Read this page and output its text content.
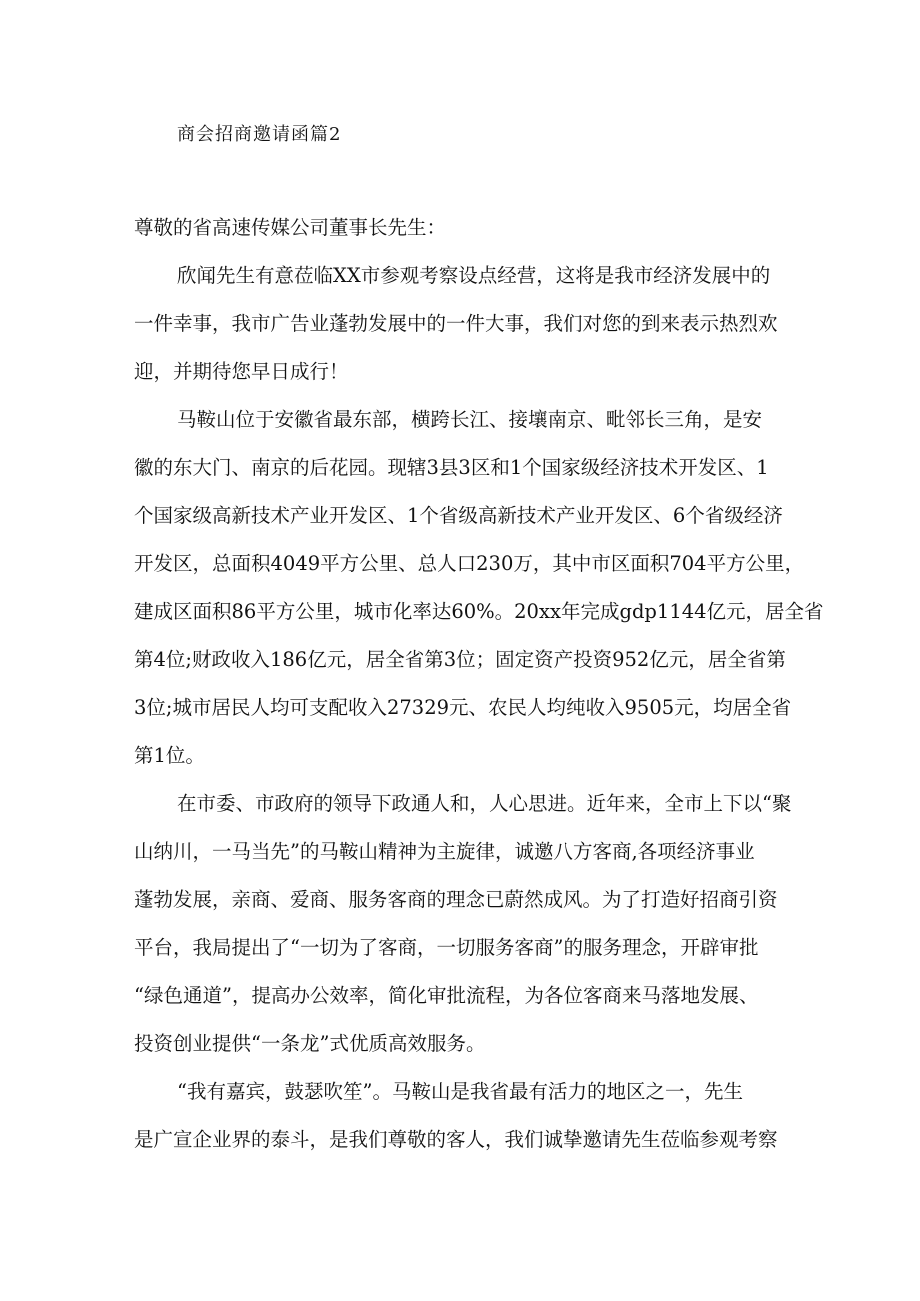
商会招商邀请函篇2
尊敬的省高速传媒公司董事长先生：
欣闻先生有意莅临XX市参观考察设点经营，这将是我市经济发展中的
一件幸事，我市广告业蓬勃发展中的一件大事，我们对您的到来表示热烈欢
迎，并期待您早日成行！
马鞍山位于安徽省最东部，横跨长江、接壤南京、毗邻长三角，是安
徽的东大门、南京的后花园。现辖3县3区和1个国家级经济技术开发区、1
个国家级高新技术产业开发区、1个省级高新技术产业开发区、6个省级经济
开发区，总面积4049平方公里、总人口230万，其中市区面积704平方公里，
建成区面积86平方公里，城市化率达60%。20xx年完成gdp1144亿元，居全省
第4位;财政收入186亿元，居全省第3位；固定资产投资952亿元，居全省第
3位;城市居民人均可支配收入27329元、农民人均纯收入9505元，均居全省
第1位。
在市委、市政府的领导下政通人和，人心思进。近年来，全市上下以“聚
山纳川，一马当先”的马鞍山精神为主旋律，诚邀八方客商,各项经济事业
蓬勃发展，亲商、爱商、服务客商的理念已蔚然成风。为了打造好招商引资
平台，我局提出了“一切为了客商，一切服务客商”的服务理念，开辟审批
“绿色通道”，提高办公效率，简化审批流程，为各位客商来马落地发展、
投资创业提供“一条龙”式优质高效服务。
“我有嘉宾，鼓瑟吹笙”。马鞍山是我省最有活力的地区之一，先生
是广宣企业界的泰斗，是我们尊敬的客人，我们诚挚邀请先生莅临参观考察
